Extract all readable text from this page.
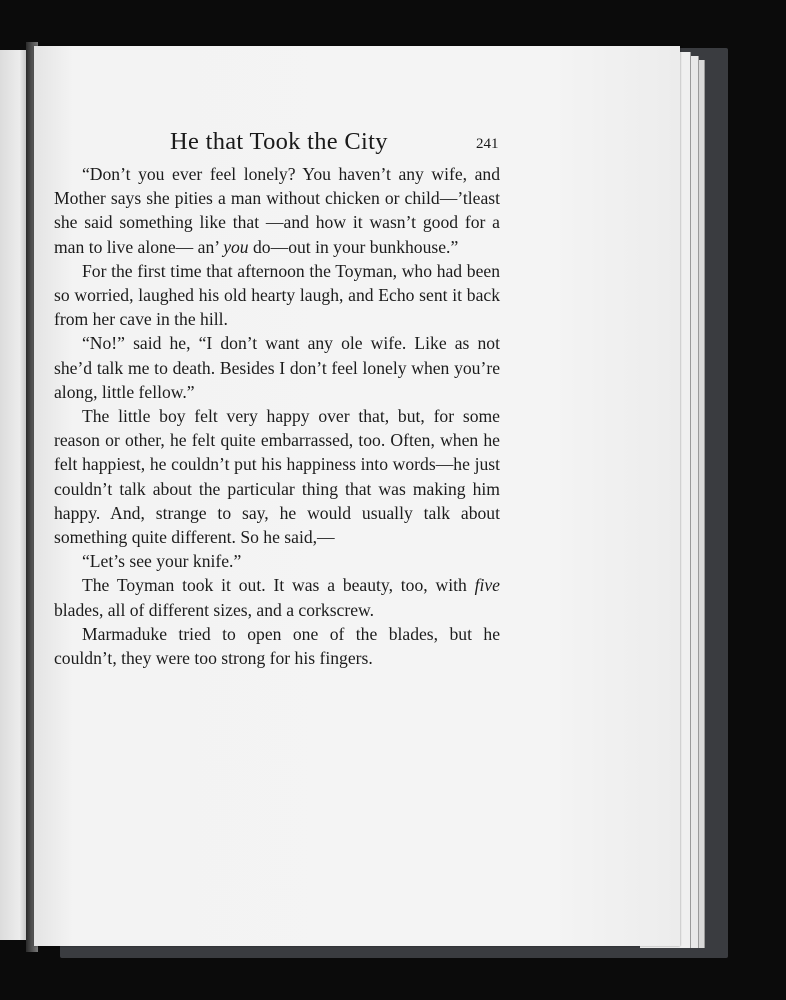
He that Took the City	241

“Don’t you ever feel lonely? You haven’t any wife, and Mother says she pities a man without chicken or child—’tleast she said something like that —and how it wasn’t good for a man to live alone— an’ you do—out in your bunkhouse.”

For the first time that afternoon the Toyman, who had been so worried, laughed his old hearty laugh, and Echo sent it back from her cave in the hill.

“No!” said he, “I don’t want any ole wife. Like as not she’d talk me to death. Besides I don’t feel lonely when you’re along, little fellow.”

The little boy felt very happy over that, but, for some reason or other, he felt quite embarrassed, too. Often, when he felt happiest, he couldn’t put his happiness into words—he just couldn’t talk about the particular thing that was making him happy. And, strange to say, he would usually talk about something quite different. So he said,—

“Let’s see your knife.”

The Toyman took it out. It was a beauty, too, with five blades, all of different sizes, and a corkscrew.

Marmaduke tried to open one of the blades, but he couldn’t, they were too strong for his fingers.
